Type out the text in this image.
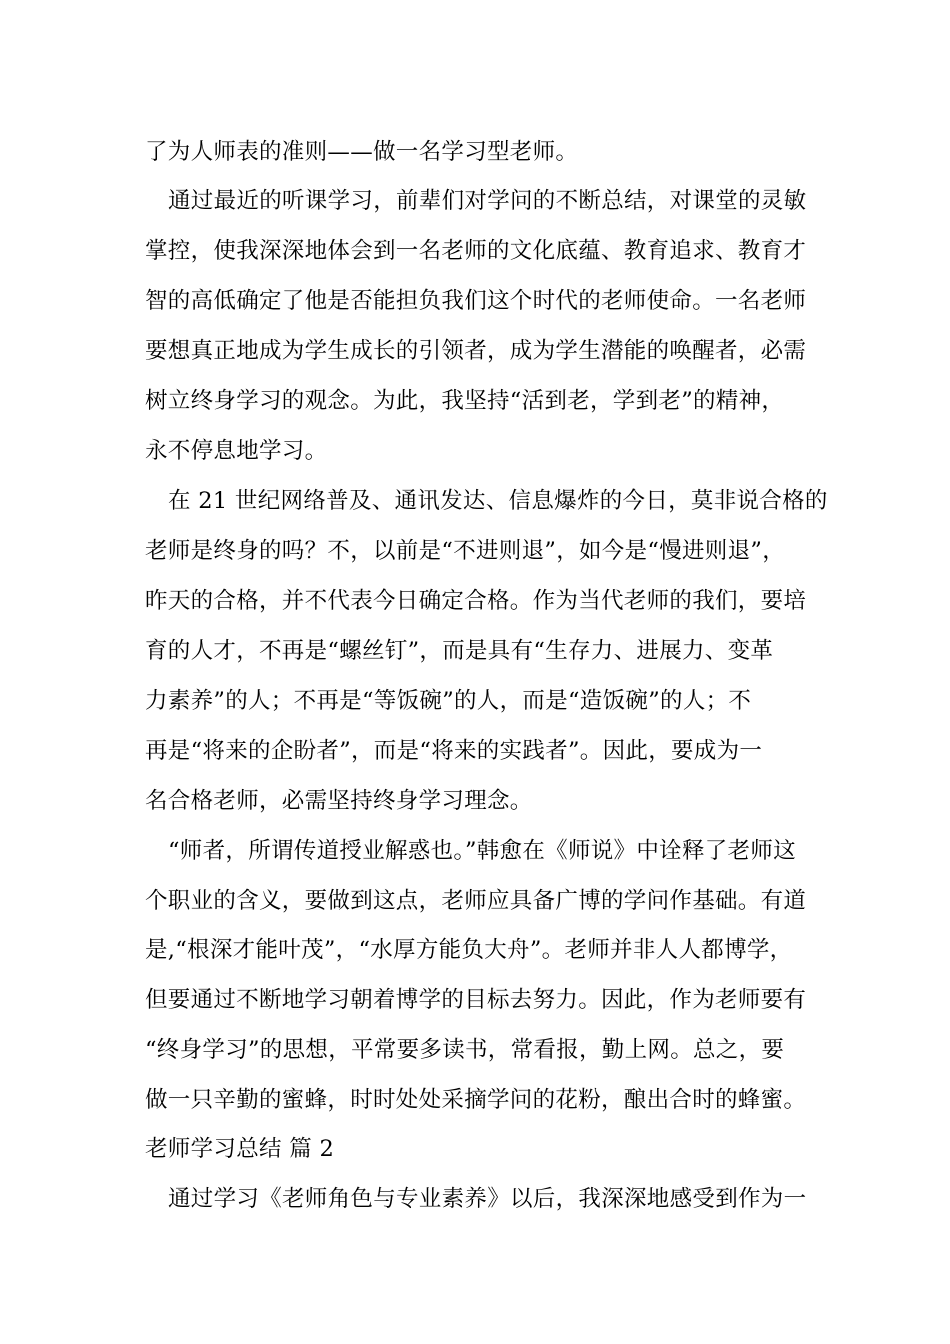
了为人师表的准则——做一名学习型老师。
通过最近的听课学习，前辈们对学问的不断总结，对课堂的灵敏
掌控，使我深深地体会到一名老师的文化底蕴、教育追求、教育才
智的高低确定了他是否能担负我们这个时代的老师使命。一名老师
要想真正地成为学生成长的引领者，成为学生潜能的唤醒者，必需
树立终身学习的观念。为此，我坚持“活到老，学到老”的精神，
永不停息地学习。
在 21 世纪网络普及、通讯发达、信息爆炸的今日，莫非说合格的
老师是终身的吗？不，以前是“不进则退”，如今是“慢进则退”，
昨天的合格，并不代表今日确定合格。作为当代老师的我们，要培
育的人才，不再是“螺丝钉”，而是具有“生存力、进展力、变革
力素养”的人；不再是“等饭碗”的人，而是“造饭碗”的人；不
再是“将来的企盼者”，而是“将来的实践者”。因此，要成为一
名合格老师，必需坚持终身学习理念。
“师者，所谓传道授业解惑也。”韩愈在《师说》中诠释了老师这
个职业的含义，要做到这点，老师应具备广博的学问作基础。有道
是,“根深才能叶茂”，“水厚方能负大舟”。老师并非人人都博学，
但要通过不断地学习朝着博学的目标去努力。因此，作为老师要有
“终身学习”的思想，平常要多读书，常看报，勤上网。总之，要
做一只辛勤的蜜蜂，时时处处采摘学问的花粉，酿出合时的蜂蜜。
老师学习总结 篇 2
通过学习《老师角色与专业素养》以后，我深深地感受到作为一
